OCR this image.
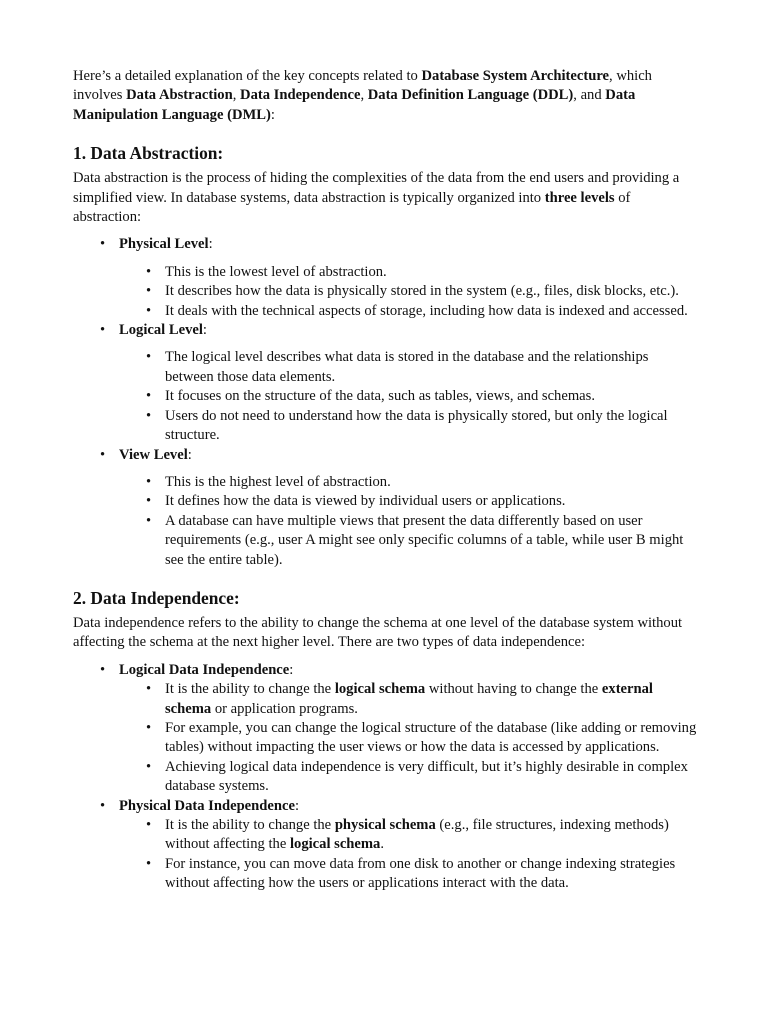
Here’s a detailed explanation of the key concepts related to Database System Architecture, which involves Data Abstraction, Data Independence, Data Definition Language (DDL), and Data Manipulation Language (DML):

1. Data Abstraction:

Data abstraction is the process of hiding the complexities of the data from the end users and providing a simplified view. In database systems, data abstraction is typically organized into three levels of abstraction:

• Physical Level:
• This is the lowest level of abstraction.
• It describes how the data is physically stored in the system (e.g., files, disk blocks, etc.).
• It deals with the technical aspects of storage, including how data is indexed and accessed.
• Logical Level:
• The logical level describes what data is stored in the database and the relationships between those data elements.
• It focuses on the structure of the data, such as tables, views, and schemas.
• Users do not need to understand how the data is physically stored, but only the logical structure.
• View Level:
• This is the highest level of abstraction.
• It defines how the data is viewed by individual users or applications.
• A database can have multiple views that present the data differently based on user requirements (e.g., user A might see only specific columns of a table, while user B might see the entire table).
2. Data Independence:

Data independence refers to the ability to change the schema at one level of the database system without affecting the schema at the next higher level. There are two types of data independence:

• Logical Data Independence:
• It is the ability to change the logical schema without having to change the external schema or application programs.
• For example, you can change the logical structure of the database (like adding or removing tables) without impacting the user views or how the data is accessed by applications.
• Achieving logical data independence is very difficult, but it’s highly desirable in complex database systems.
• Physical Data Independence:
• It is the ability to change the physical schema (e.g., file structures, indexing methods) without affecting the logical schema.
• For instance, you can move data from one disk to another or change indexing strategies without affecting how the users or applications interact with the data.
